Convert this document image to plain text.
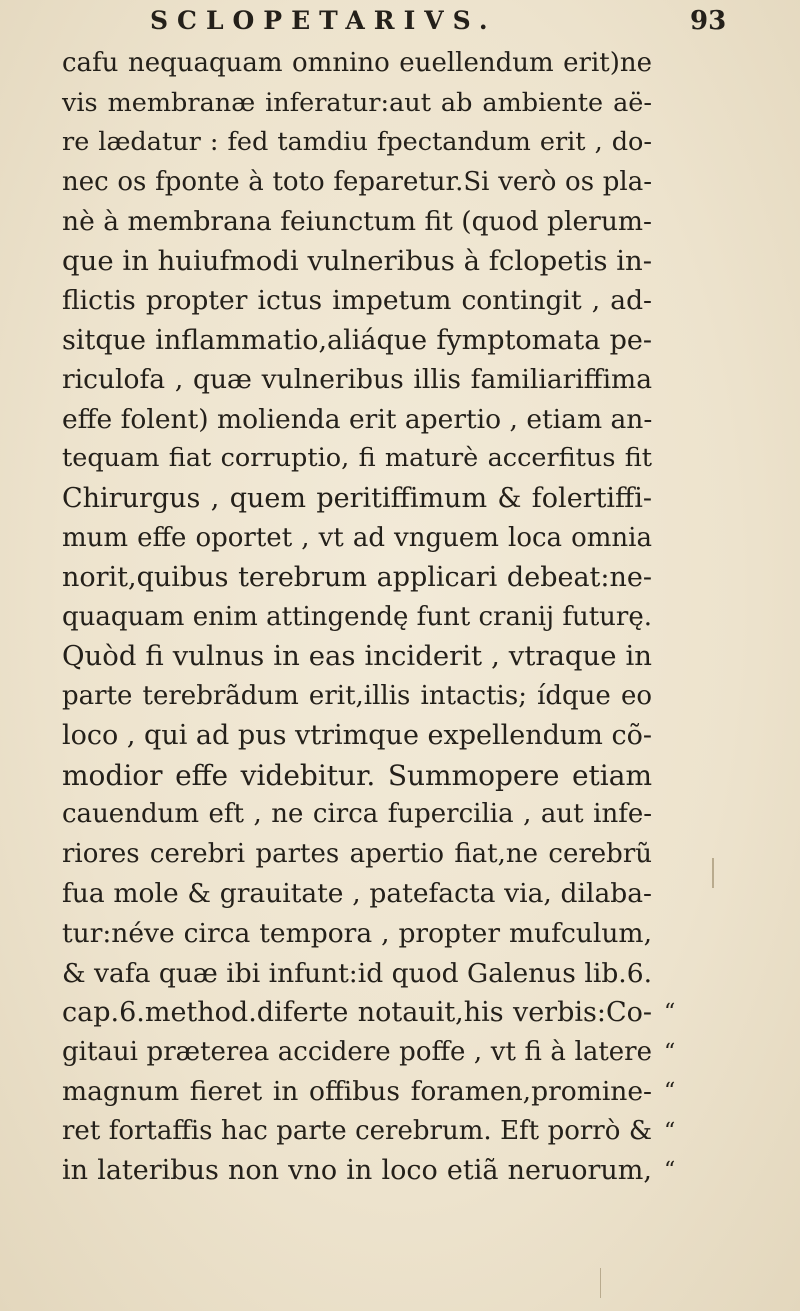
SCLOPETARIVS.	93
cafu nequaquam omnino euellendum erit)ne
vis membranæ inferatur:aut ab ambiente aë-
re lædatur : fed tamdiu fpectandum erit , do-
nec os fponte à toto feparetur.Si verò os pla-
nè à membrana feiunctum fit (quod plerum-
que in huiufmodi vulneribus à fclopetis in-
flictis propter ictus impetum contingit , ad-
sitque inflammatio,aliáque fymptomata pe-
riculofa , quæ vulneribus illis familiariffima
effe folent) molienda erit apertio , etiam an-
tequam fiat corruptio, fi maturè accerfitus fit
Chirurgus , quem peritiffimum & folertiffi-
mum effe oportet , vt ad vnguem loca omnia
norit,quibus terebrum applicari debeat:ne-
quaquam enim attingendę funt cranij futurę.
Quòd fi vulnus in eas inciderit , vtraque in
parte terebrãdum erit,illis intactis; ídque eo
loco , qui ad pus vtrimque expellendum cõ-
modior effe videbitur. Summopere etiam
cauendum eft , ne circa fupercilia , aut infe-
riores cerebri partes apertio fiat,ne cerebrũ
fua mole & grauitate , patefacta via, dilaba-
tur:néve circa tempora , propter mufculum,
& vafa quæ ibi infunt:id quod Galenus lib.6.
cap.6.method.diferte notauit,his verbis:Co-
gitaui præterea accidere poffe , vt fi à latere
magnum fieret in offibus foramen,promine-
ret fortaffis hac parte cerebrum. Eft porrò &
in lateribus non vno in loco etiã neruorum,
“
“
“
“
“
